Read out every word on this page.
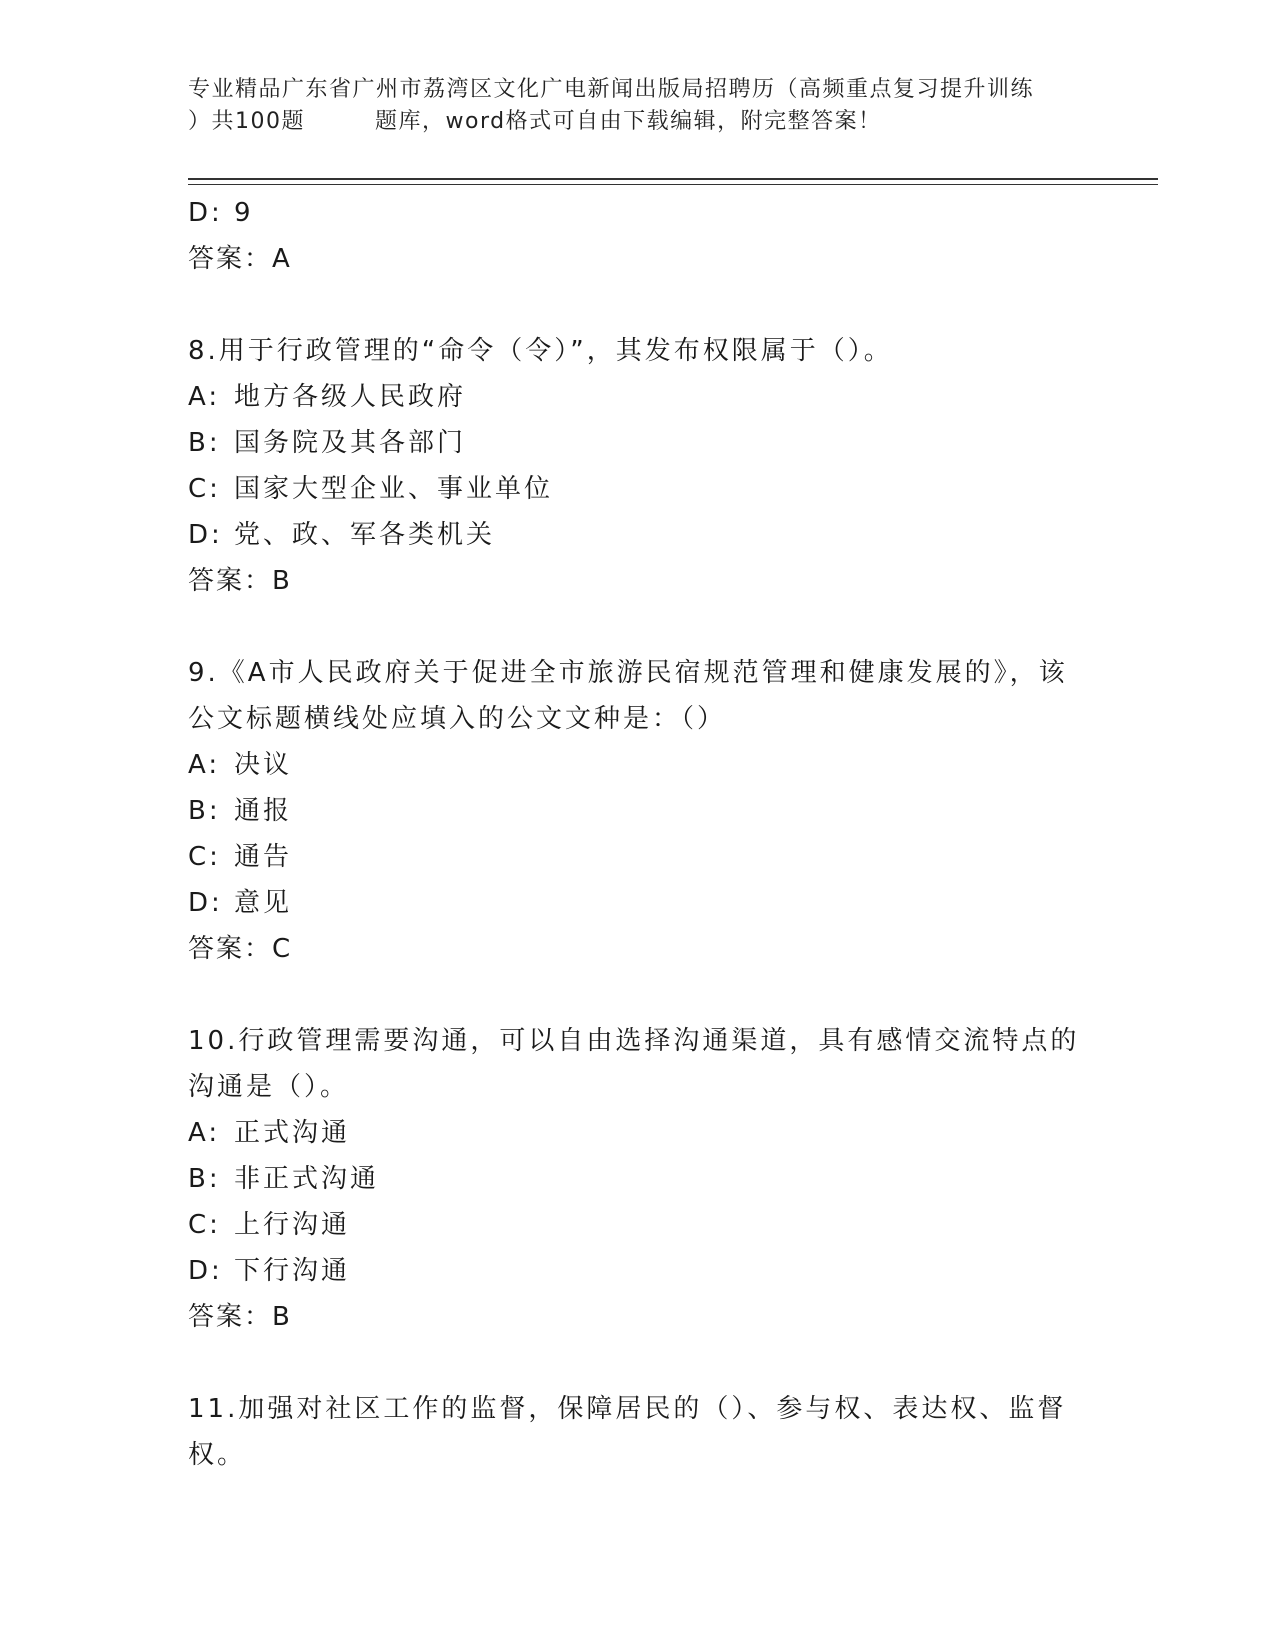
专业精品广东省广州市荔湾区文化广电新闻出版局招聘历（高频重点复习提升训练
）共100题	题库，word格式可自由下载编辑，附完整答案！
D: 9
答案：A
8.用于行政管理的“命令（令）”，其发布权限属于（）。
A: 地方各级人民政府
B: 国务院及其各部门
C: 国家大型企业、事业单位
D: 党、政、军各类机关
答案：B
9.《A市人民政府关于促进全市旅游民宿规范管理和健康发展的》，该
公文标题横线处应填入的公文文种是：（）
A: 决议
B: 通报
C: 通告
D: 意见
答案：C
10.行政管理需要沟通，可以自由选择沟通渠道，具有感情交流特点的
沟通是（）。
A: 正式沟通
B: 非正式沟通
C: 上行沟通
D: 下行沟通
答案：B
11.加强对社区工作的监督，保障居民的（）、参与权、表达权、监督
权。
